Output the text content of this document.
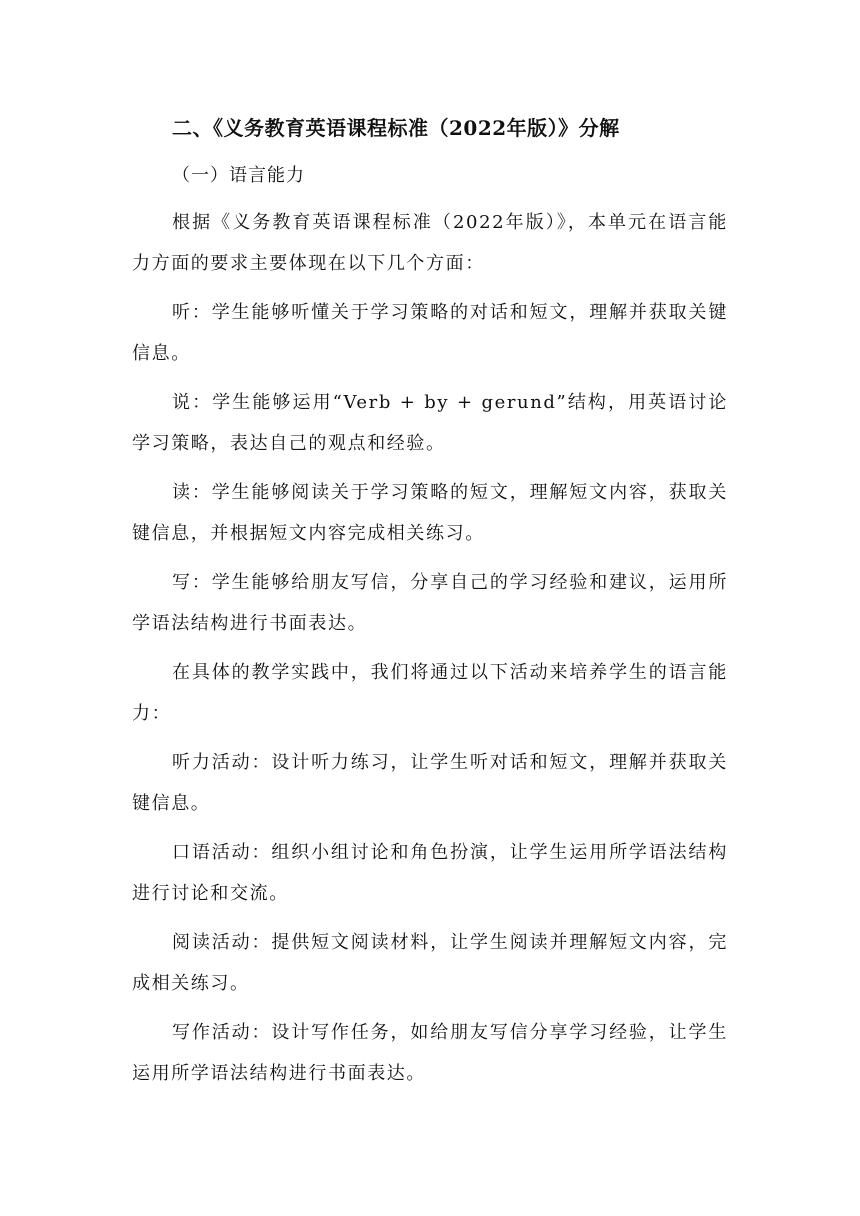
二、《义务教育英语课程标准（2022年版）》分解
（一）语言能力

根据《义务教育英语课程标准（2022年版）》，本单元在语言能力方面的要求主要体现在以下几个方面：

听：学生能够听懂关于学习策略的对话和短文，理解并获取关键信息。

说：学生能够运用“Verb + by + gerund”结构，用英语讨论学习策略，表达自己的观点和经验。

读：学生能够阅读关于学习策略的短文，理解短文内容，获取关键信息，并根据短文内容完成相关练习。

写：学生能够给朋友写信，分享自己的学习经验和建议，运用所学语法结构进行书面表达。

在具体的教学实践中，我们将通过以下活动来培养学生的语言能力：

听力活动：设计听力练习，让学生听对话和短文，理解并获取关键信息。

口语活动：组织小组讨论和角色扮演，让学生运用所学语法结构进行讨论和交流。

阅读活动：提供短文阅读材料，让学生阅读并理解短文内容，完成相关练习。

写作活动：设计写作任务，如给朋友写信分享学习经验，让学生运用所学语法结构进行书面表达。
